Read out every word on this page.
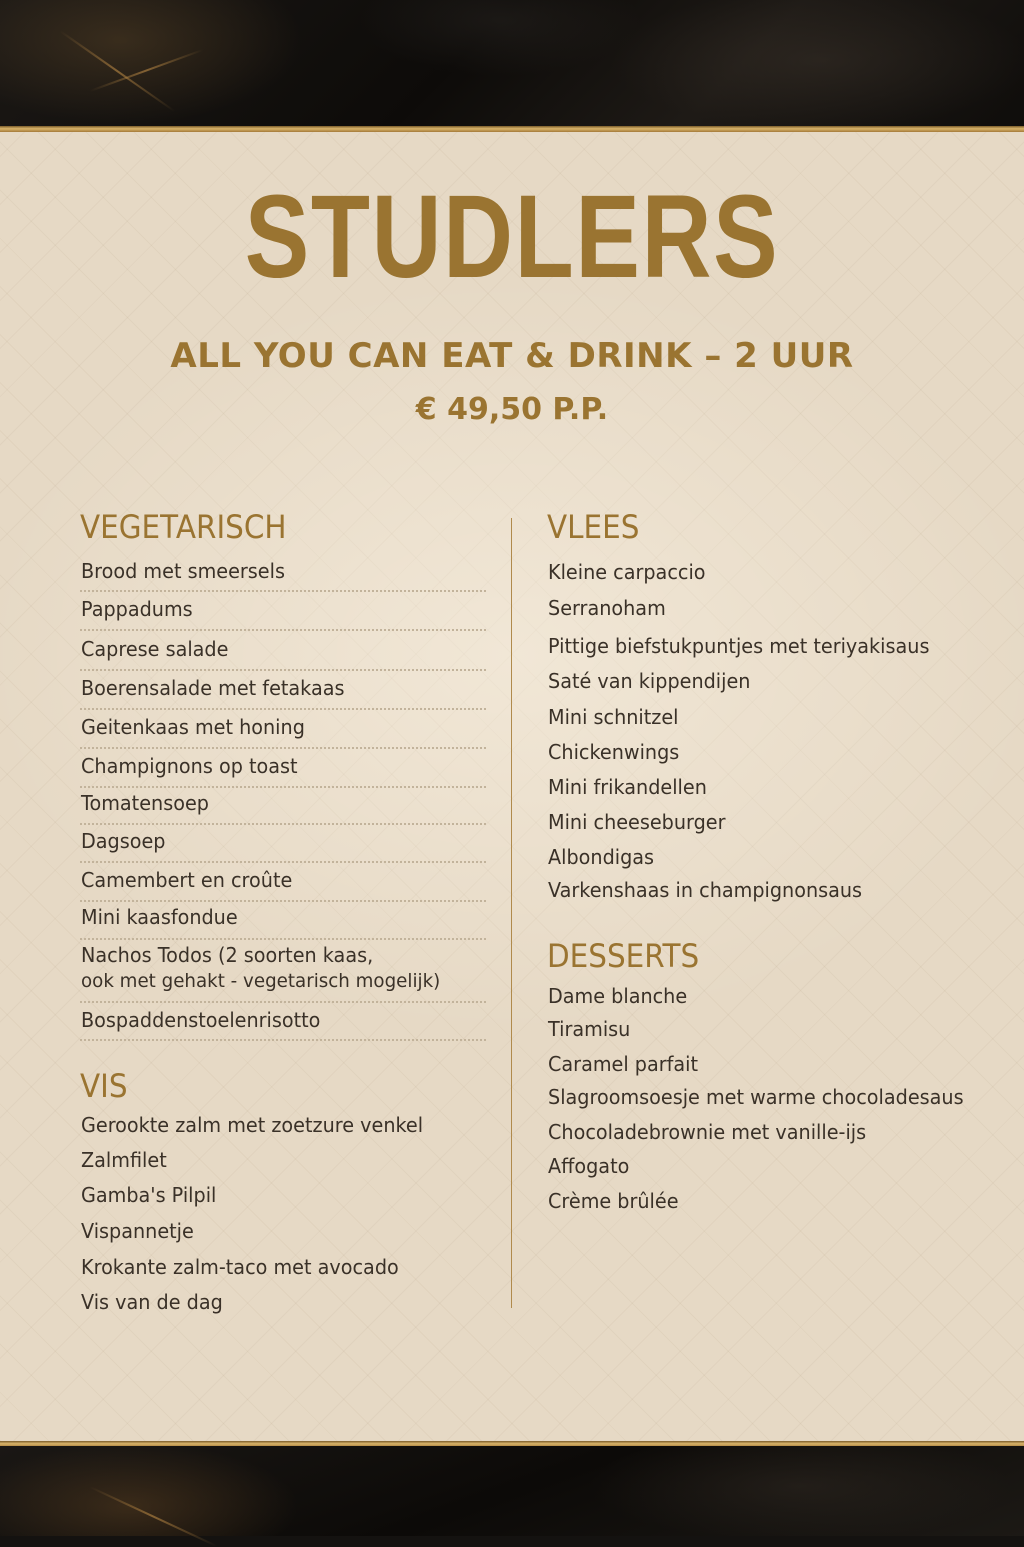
STUDLERS
ALL YOU CAN EAT & DRINK – 2 UUR
€ 49,50 P.P.
VEGETARISCH
Brood met smeersels
Pappadums
Caprese salade
Boerensalade met fetakaas
Geitenkaas met honing
Champignons op toast
Tomatensoep
Dagsoep
Camembert en croûte
Mini kaasfondue
Nachos Todos (2 soorten kaas,
ook met gehakt - vegetarisch mogelijk)
Bospaddenstoelenrisotto
VIS
Gerookte zalm met zoetzure venkel
Zalmfilet
Gamba's Pilpil
Vispannetje
Krokante zalm-taco met avocado
Vis van de dag
VLEES
Kleine carpaccio
Serranoham
Pittige biefstukpuntjes met teriyakisaus
Saté van kippendijen
Mini schnitzel
Chickenwings
Mini frikandellen
Mini cheeseburger
Albondigas
Varkenshaas in champignonsaus
DESSERTS
Dame blanche
Tiramisu
Caramel parfait
Slagroomsoesje met warme chocoladesaus
Chocoladebrownie met vanille-ijs
Affogato
Crème brûlée
